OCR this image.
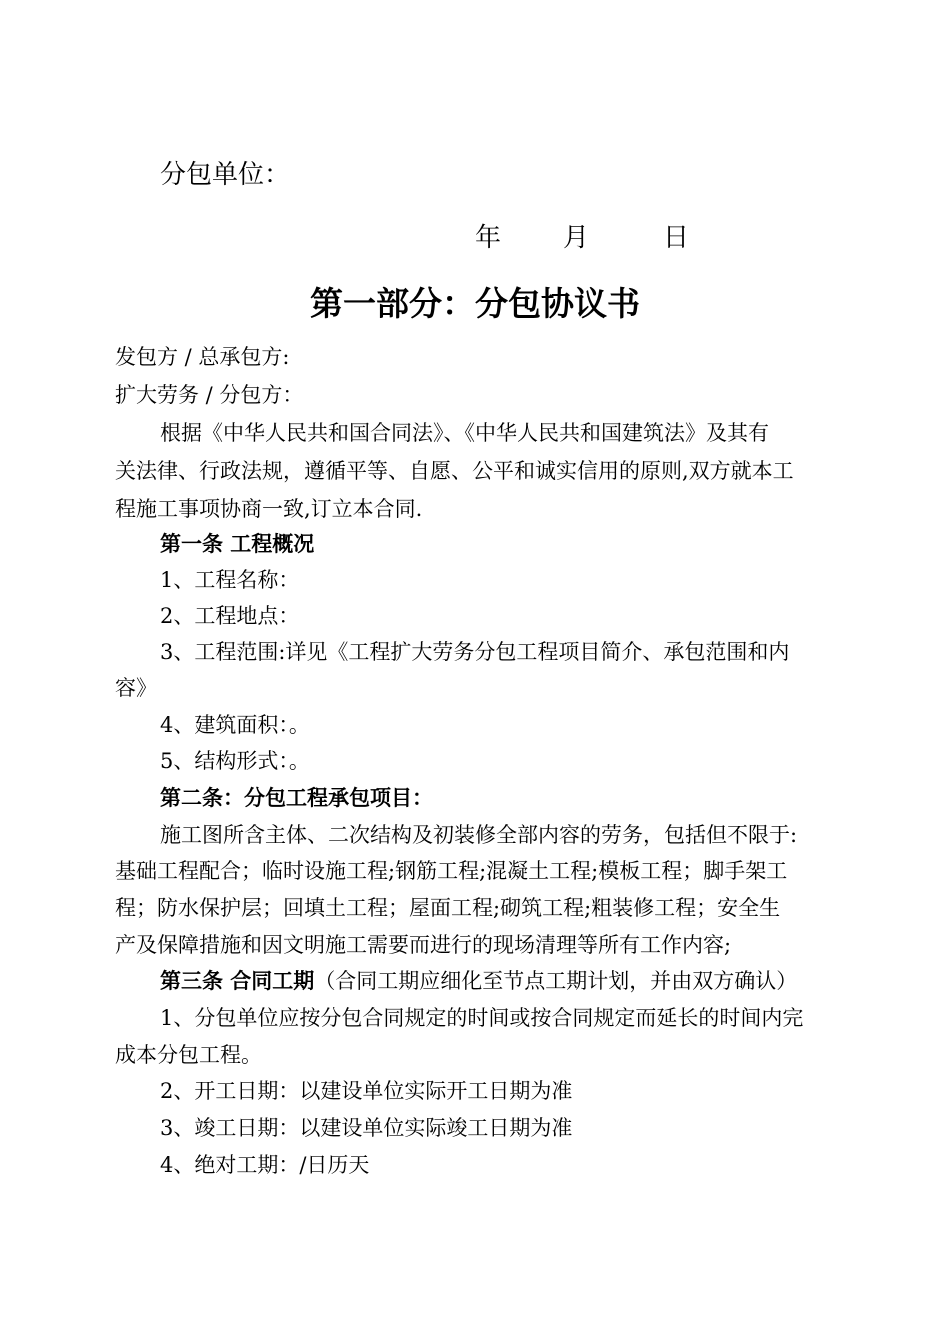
分包单位：
年 月	日
第一部分：分包协议书
发包方 / 总承包方:
扩大劳务 / 分包方：
根据《中华人民共和国合同法》、《中华人民共和国建筑法》及其有
关法律、行政法规，遵循平等、自愿、公平和诚实信用的原则,双方就本工
程施工事项协商一致,订立本合同.
第一条 工程概况
1、工程名称：
2、工程地点：
3、工程范围:详见《工程扩大劳务分包工程项目简介、承包范围和内
容》
4、建筑面积：。
5、结构形式：。
第二条：分包工程承包项目：
施工图所含主体、二次结构及初装修全部内容的劳务，包括但不限于:
基础工程配合；临时设施工程;钢筋工程;混凝土工程;模板工程；脚手架工
程；防水保护层；回填土工程；屋面工程;砌筑工程;粗装修工程；安全生
产及保障措施和因文明施工需要而进行的现场清理等所有工作内容;
第三条 合同工期（合同工期应细化至节点工期计划，并由双方确认）
1、分包单位应按分包合同规定的时间或按合同规定而延长的时间内完
成本分包工程。
2、开工日期：以建设单位实际开工日期为准
3、竣工日期：以建设单位实际竣工日期为准
4、绝对工期：/日历天
